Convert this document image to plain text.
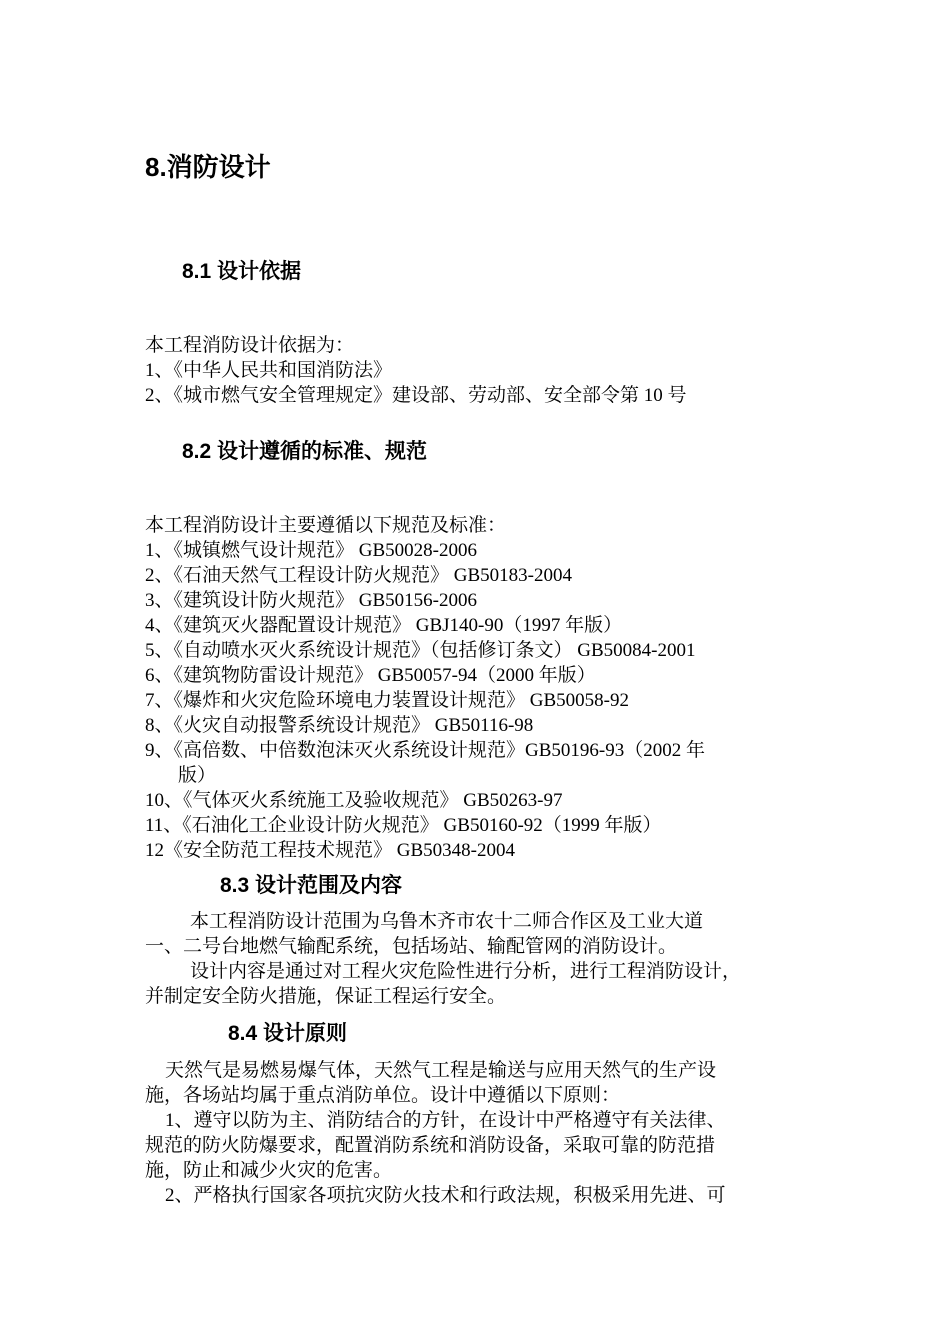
8.消防设计
8.1 设计依据
本工程消防设计依据为：
1、《中华人民共和国消防法》
2、《城市燃气安全管理规定》建设部、劳动部、安全部令第 10 号
8.2 设计遵循的标准、规范
本工程消防设计主要遵循以下规范及标准：
1、《城镇燃气设计规范》 GB50028-2006
2、《石油天然气工程设计防火规范》 GB50183-2004
3、《建筑设计防火规范》 GB50156-2006
4、《建筑灭火器配置设计规范》 GBJ140-90（1997 年版）
5、《自动喷水灭火系统设计规范》（包括修订条文） GB50084-2001
6、《建筑物防雷设计规范》 GB50057-94（2000 年版）
7、《爆炸和火灾危险环境电力装置设计规范》 GB50058-92
8、《火灾自动报警系统设计规范》 GB50116-98
9、《高倍数、中倍数泡沫灭火系统设计规范》GB50196-93（2002 年
版）
10、《气体灭火系统施工及验收规范》 GB50263-97
11、《石油化工企业设计防火规范》 GB50160-92（1999 年版）
12《安全防范工程技术规范》 GB50348-2004
8.3 设计范围及内容
本工程消防设计范围为乌鲁木齐市农十二师合作区及工业大道
一、二号台地燃气输配系统，包括场站、输配管网的消防设计。
设计内容是通过对工程火灾危险性进行分析，进行工程消防设计，
并制定安全防火措施，保证工程运行安全。
8.4 设计原则
天然气是易燃易爆气体，天然气工程是输送与应用天然气的生产设
施，各场站均属于重点消防单位。设计中遵循以下原则：
1、遵守以防为主、消防结合的方针，在设计中严格遵守有关法律、
规范的防火防爆要求，配置消防系统和消防设备，采取可靠的防范措
施，防止和减少火灾的危害。
2、严格执行国家各项抗灾防火技术和行政法规，积极采用先进、可
